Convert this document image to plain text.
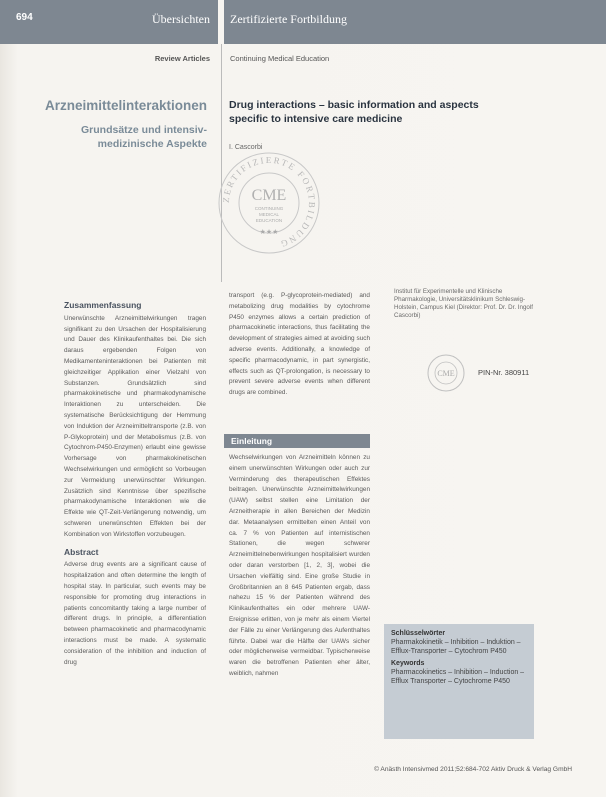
694	Übersichten Zertifizierte Fortbildung
Review Articles	Continuing Medical Education
Arzneimittelinteraktionen
Grundsätze und intensiv-medizinische Aspekte
Drug interactions – basic information and aspects specific to intensive care medicine
I. Cascorbi
ZERTIFIZIERTE FORTBILDUNG
CME
CONTINUING
MEDICAL
EDUCATION
★★★

Zusammenfassung

Unerwünschte Arzneimittelwirkungen tragen signifikant zu den Ursachen der Hospitalisierung und Dauer des Klinikaufenthaltes bei. Die sich daraus ergebenden Folgen von Medikamenteninteraktionen bei Patienten mit gleichzeitiger Applikation einer Vielzahl von Substanzen. Grundsätzlich sind pharmakokinetische und pharmakodynamische Interaktionen zu unterscheiden. Die systematische Berücksichtigung der Hemmung von Induktion der Arzneimitteltransporte (z.B. von P-Glykoprotein) und der Metabolismus (z.B. von Cytochrom-P450-Enzymen) erlaubt eine gewisse Vorhersage von pharmakokinetischen Wechselwirkungen und ermöglicht so Vorbeugen zur Vermeidung unerwünschter Wirkungen. Zusätzlich sind Kenntnisse über spezifische pharmakodynamische Interaktionen wie die Effekte wie QT-Zeit-Verlängerung notwendig, um schweren unerwünschten Effekten bei der Kombination von Wirkstoffen vorzubeugen.

Abstract

Adverse drug events are a significant cause of hospitalization and often determine the length of hospital stay. In particular, such events may be responsible for promoting drug interactions in patients concomitantly taking a large number of different drugs. In principle, a differentiation between pharmacokinetic and pharmacodynamic interactions must be made. A systematic consideration of the inhibition and induction of drug

transport (e.g. P-glycoprotein-mediated) and metabolizing drug modalities by cytochrome P450 enzymes allows a certain prediction of pharmacokinetic interactions, thus facilitating the development of strategies aimed at avoiding such adverse events. Additionally, a knowledge of specific pharmacodynamic, in part synergistic, effects such as QT-prolongation, is necessary to prevent severe adverse events when different drugs are combined.

Einleitung

Wechselwirkungen von Arzneimitteln können zu einem unerwünschten Wirkungen oder auch zur Verminderung des therapeutischen Effektes beitragen. Unerwünschte Arzneimittelwirkungen (UAW) selbst stellen eine Limitation der Arzneitherapie in allen Bereichen der Medizin dar. Metaanalysen ermittelten einen Anteil von ca. 7 % von Patienten auf internistischen Stationen, die wegen schwerer Arzneimittelnebenwirkungen hospitalisiert wurden oder daran verstorben [1, 2, 3], wobei die Ursachen vielfältig sind. Eine große Studie in Großbritannien an 8 645 Patienten ergab, dass nahezu 15 % der Patienten während des Klinikaufenthaltes ein oder mehrere UAW-Ereignisse erlitten, von je mehr als einem Viertel der Fälle zu einer Verlängerung des Aufenthaltes führte. Dabei war die Hälfte der UAWs sicher oder möglicherweise vermeidbar. Typischerweise waren die betroffenen Patienten eher älter, weiblich, nahmen

Institut für Experimentelle und Klinische Pharmakologie, Universitätsklinikum Schleswig-Holstein, Campus Kiel (Direktor: Prof. Dr. Dr. Ingolf Cascorbi)
CME	PIN-Nr. 380911

Schlüsselwörter

Pharmakokinetik – Inhibition – Induktion – Efflux-Transporter – Cytochrom P450

Keywords

Pharmacokinetics – Inhibition – Induction – Efflux Transporter – Cytochrome P450

© Anästh Intensivmed 2011;52:684-702 Aktiv Druck & Verlag GmbH
